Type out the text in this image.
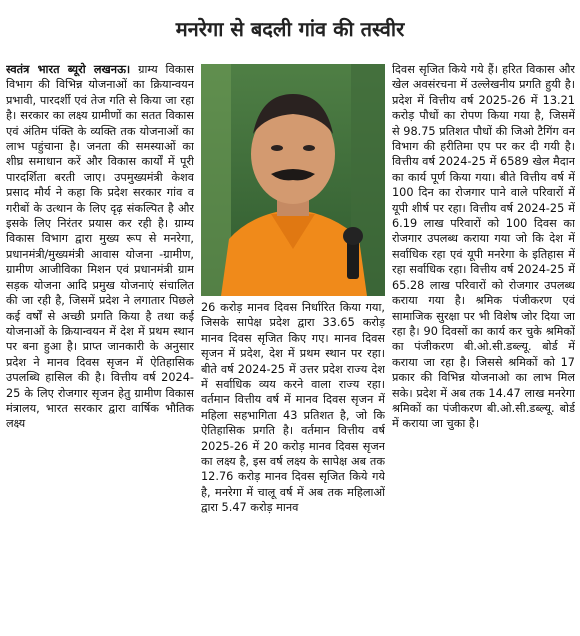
मनरेगा से बदली गांव की तस्वीर

स्वतंत्र भारत ब्यूरो लखनऊ। ग्राम्य विकास विभाग की विभिन्न योजनाओं का क्रियान्वयन प्रभावी, पारदर्शी एवं तेज गति से किया जा रहा है। सरकार का लक्ष्य ग्रामीणों का सतत विकास एवं अंतिम पंक्ति के व्यक्ति तक योजनाओं का लाभ पहुंचाना है। जनता की समस्याओं का शीघ्र समाधान करें और विकास कार्यों में पूरी पारदर्शिता बरती जाए। उपमुख्यमंत्री केशव प्रसाद मौर्य ने कहा कि प्रदेश सरकार गांव व गरीबों के उत्थान के लिए दृढ़ संकल्पित है और इसके लिए निरंतर प्रयास कर रही है। ग्राम्य विकास विभाग द्वारा मुख्य रूप से मनरेगा, प्रधानमंत्री/मुख्यमंत्री आवास योजना -ग्रामीण, ग्रामीण आजीविका मिशन एवं प्रधानमंत्री ग्राम सड़क योजना आदि प्रमुख योजनाएं संचालित की जा रही है, जिसमें प्रदेश ने लगातार पिछले कई वर्षों से अच्छी प्रगति किया है तथा कई योजनाओं के क्रियान्वयन में देश में प्रथम स्थान पर बना हुआ है। प्राप्त जानकारी के अनुसार प्रदेश ने मानव दिवस सृजन में ऐतिहासिक उपलब्धि हासिल की है। वित्तीय वर्ष 2024-25 के लिए रोजगार सृजन हेतु ग्रामीण विकास मंत्रालय, भारत सरकार द्वारा वार्षिक भौतिक लक्ष्य

26 करोड़ मानव दिवस निर्धारित किया गया, जिसके सापेक्ष प्रदेश द्वारा 33.65 करोड़ मानव दिवस सृजित किए गए। मानव दिवस सृजन में प्रदेश, देश में प्रथम स्थान पर रहा। बीते वर्ष 2024-25 में उत्तर प्रदेश राज्य देश में सर्वाधिक व्यय करने वाला राज्य रहा। वर्तमान वित्तीय वर्ष में मानव दिवस सृजन में महिला सहभागिता 43 प्रतिशत है, जो कि ऐतिहासिक प्रगति है। वर्तमान वित्तीय वर्ष 2025-26 में 20 करोड़ मानव दिवस सृजन का लक्ष्य है, इस वर्ष लक्ष्य के सापेक्ष अब तक 12.76 करोड़ मानव दिवस सृजित किये गये है, मनरेगा में चालू वर्ष में अब तक महिलाओं द्वारा 5.47 करोड़ मानव

दिवस सृजित किये गये हैं। हरित विकास और खेल अवसंरचना में उल्लेखनीय प्रगति हुयी है।प्रदेश में वित्तीय वर्ष 2025-26 में 13.21 करोड़ पौधों का रोपण किया गया है, जिसमें से 98.75 प्रतिशत पौधों की जिओ टैगिंग वन विभाग की हरीतिमा एप पर कर दी गयी है। वित्तीय वर्ष 2024-25 में 6589 खेल मैदान का कार्य पूर्ण किया गया। बीते वित्तीय वर्ष में 100 दिन का रोजगार पाने वाले परिवारों में यूपी शीर्ष पर रहा। वित्तीय वर्ष 2024-25 में 6.19 लाख परिवारों को 100 दिवस का रोजगार उपलब्ध कराया गया जो कि देश में सर्वाधिक रहा एवं यूपी मनरेगा के इतिहास में रहा सर्वाधिक रहा। वित्तीय वर्ष 2024-25 में 65.28 लाख परिवारों को रोजगार उपलब्ध कराया गया है। श्रमिक पंजीकरण एवं सामाजिक सुरक्षा पर भी विशेष जोर दिया जा रहा है। 90 दिवसों का कार्य कर चुके श्रमिकों का पंजीकरण बी.ओ.सी.डब्ल्यू. बोर्ड में कराया जा रहा है। जिससे श्रमिकों को 17 प्रकार की विभिन्न योजनाओ का लाभ मिल सके। प्रदेश में अब तक 14.47 लाख मनरेगा श्रमिकों का पंजीकरण बी.ओ.सी.डब्ल्यू. बोर्ड में कराया जा चुका है।
